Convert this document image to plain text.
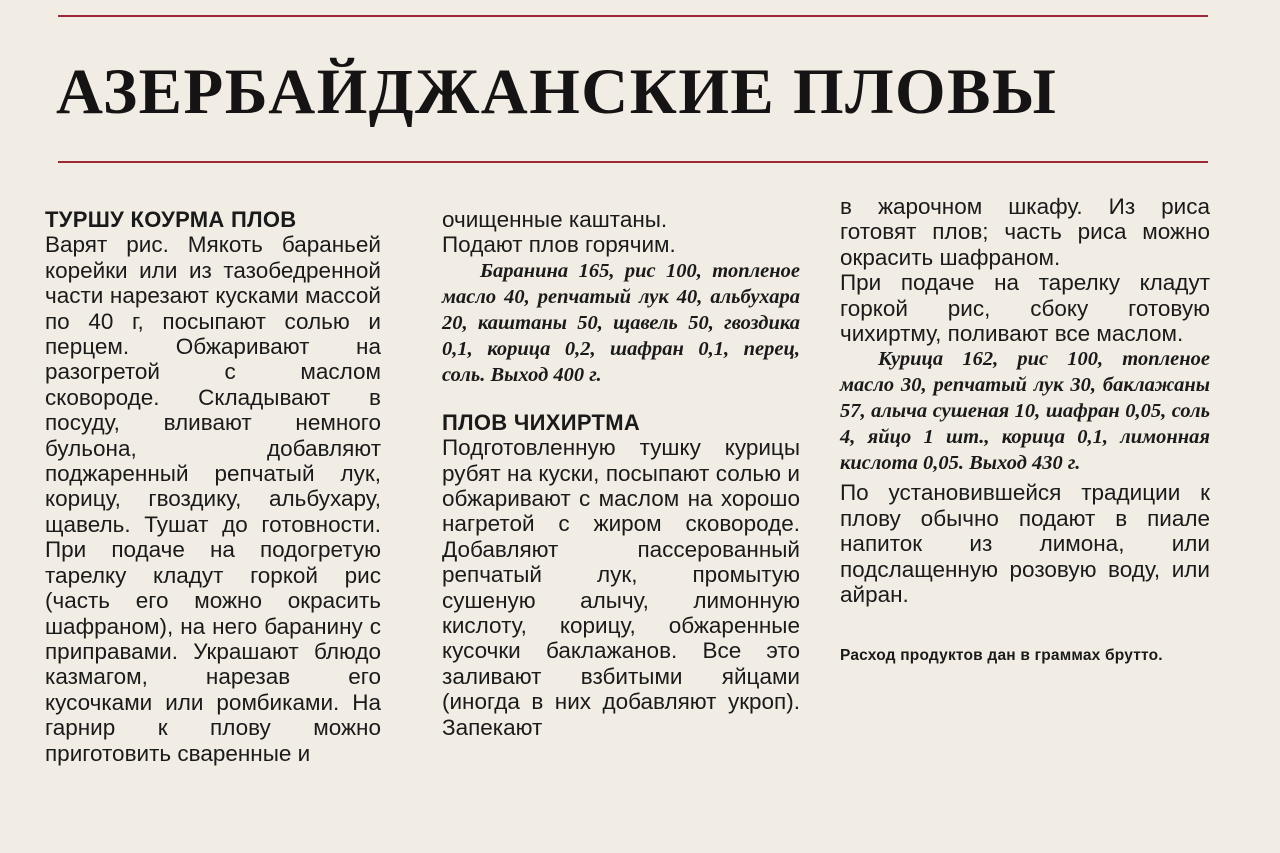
АЗЕРБАЙДЖАНСКИЕ ПЛОВЫ

ТУРШУ КОУРМА ПЛОВ

Варят рис. Мякоть бараньей корейки или из тазобедренной части нарезают кусками массой по 40 г, посыпают солью и перцем. Обжаривают на разогретой с маслом сковороде. Складывают в посуду, вливают немного бульона, добавляют поджаренный репчатый лук, корицу, гвоздику, альбухару, щавель. Тушат до готовности. При подаче на подогретую тарелку кладут горкой рис (часть его можно окрасить шафраном), на него баранину с приправами. Украшают блюдо казмагом, нарезав его кусочками или ромбиками. На гарнир к плову можно приготовить сваренные и

очищенные каштаны.

Подают плов горячим.

Баранина 165, рис 100, топленое масло 40, репчатый лук 40, альбухара 20, каштаны 50, щавель 50, гвоздика 0,1, корица 0,2, шафран 0,1, перец, соль. Выход 400 г.

ПЛОВ ЧИХИРТМА

Подготовленную тушку курицы рубят на куски, посыпают солью и обжаривают с маслом на хорошо нагретой с жиром сковороде. Добавляют пассерованный репчатый лук, промытую сушеную алычу, лимонную кислоту, корицу, обжаренные кусочки баклажанов. Все это заливают взбитыми яйцами (иногда в них добавляют укроп). Запекают

в жарочном шкафу. Из риса готовят плов; часть риса можно окрасить шафраном.

При подаче на тарелку кладут горкой рис, сбоку готовую чихиртму, поливают все маслом.

Курица 162, рис 100, топленое масло 30, репчатый лук 30, баклажаны 57, алыча сушеная 10, шафран 0,05, соль 4, яйцо 1 шт., корица 0,1, лимонная кислота 0,05. Выход 430 г.

По установившейся традиции к плову обычно подают в пиале напиток из лимона, или подслащенную розовую воду, или айран.

Расход продуктов дан в граммах брутто.
